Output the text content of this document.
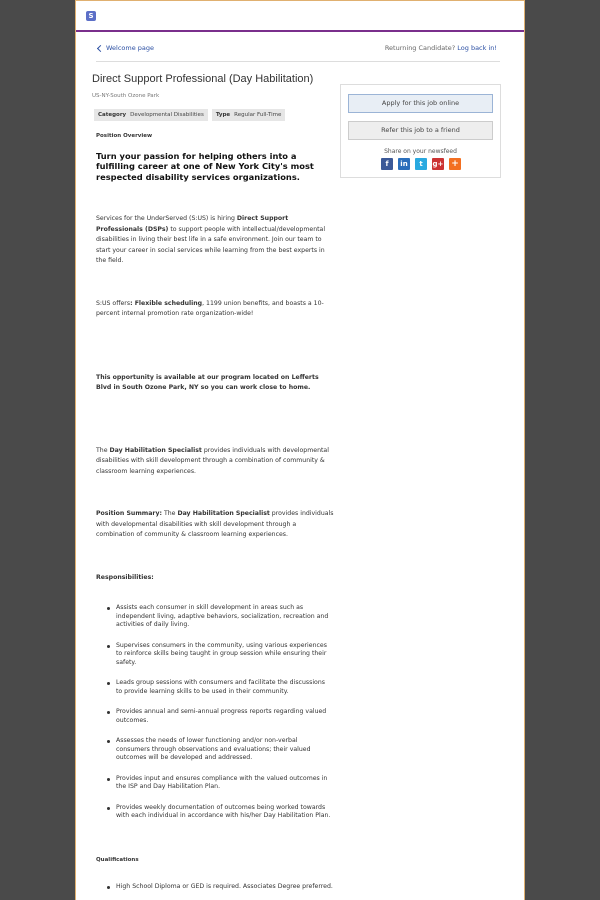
S
Welcome page	Returning Candidate? Log back in!
Direct Support Professional (Day Habilitation)
US-NY-South Ozone Park
Category Developmental Disabilities	Type Regular Full-Time
Position Overview
Turn your passion for helping others into a fulfilling career at one of New York City's most respected disability services organizations.
Services for the UnderServed (S:US) is hiring Direct Support Professionals (DSPs) to support people with intellectual/developmental disabilities in living their best life in a safe environment. Join our team to start your career in social services while learning from the best experts in the field.
S:US offers: Flexible scheduling, 1199 union benefits, and boasts a 10-percent internal promotion rate organization-wide!
This opportunity is available at our program located on Lefferts Blvd in South Ozone Park, NY so you can work close to home.
The Day Habilitation Specialist provides individuals with developmental disabilities with skill development through a combination of community & classroom learning experiences.
Position Summary: The Day Habilitation Specialist provides individuals with developmental disabilities with skill development through a combination of community & classroom learning experiences.
Responsibilities:
Assists each consumer in skill development in areas such as independent living, adaptive behaviors, socialization, recreation and activities of daily living.
Supervises consumers in the community, using various experiences to reinforce skills being taught in group session while ensuring their safety.
Leads group sessions with consumers and facilitate the discussions to provide learning skills to be used in their community.
Provides annual and semi-annual progress reports regarding valued outcomes.
Assesses the needs of lower functioning and/or non-verbal consumers through observations and evaluations; their valued outcomes will be developed and addressed.
Provides input and ensures compliance with the valued outcomes in the ISP and Day Habilitation Plan.
Provides weekly documentation of outcomes being worked towards with each individual in accordance with his/her Day Habilitation Plan.
Qualifications
High School Diploma or GED is required. Associates Degree preferred.
Apply for this job online
Refer this job to a friend
Share on your newsfeed
f	in	t	g+ +
